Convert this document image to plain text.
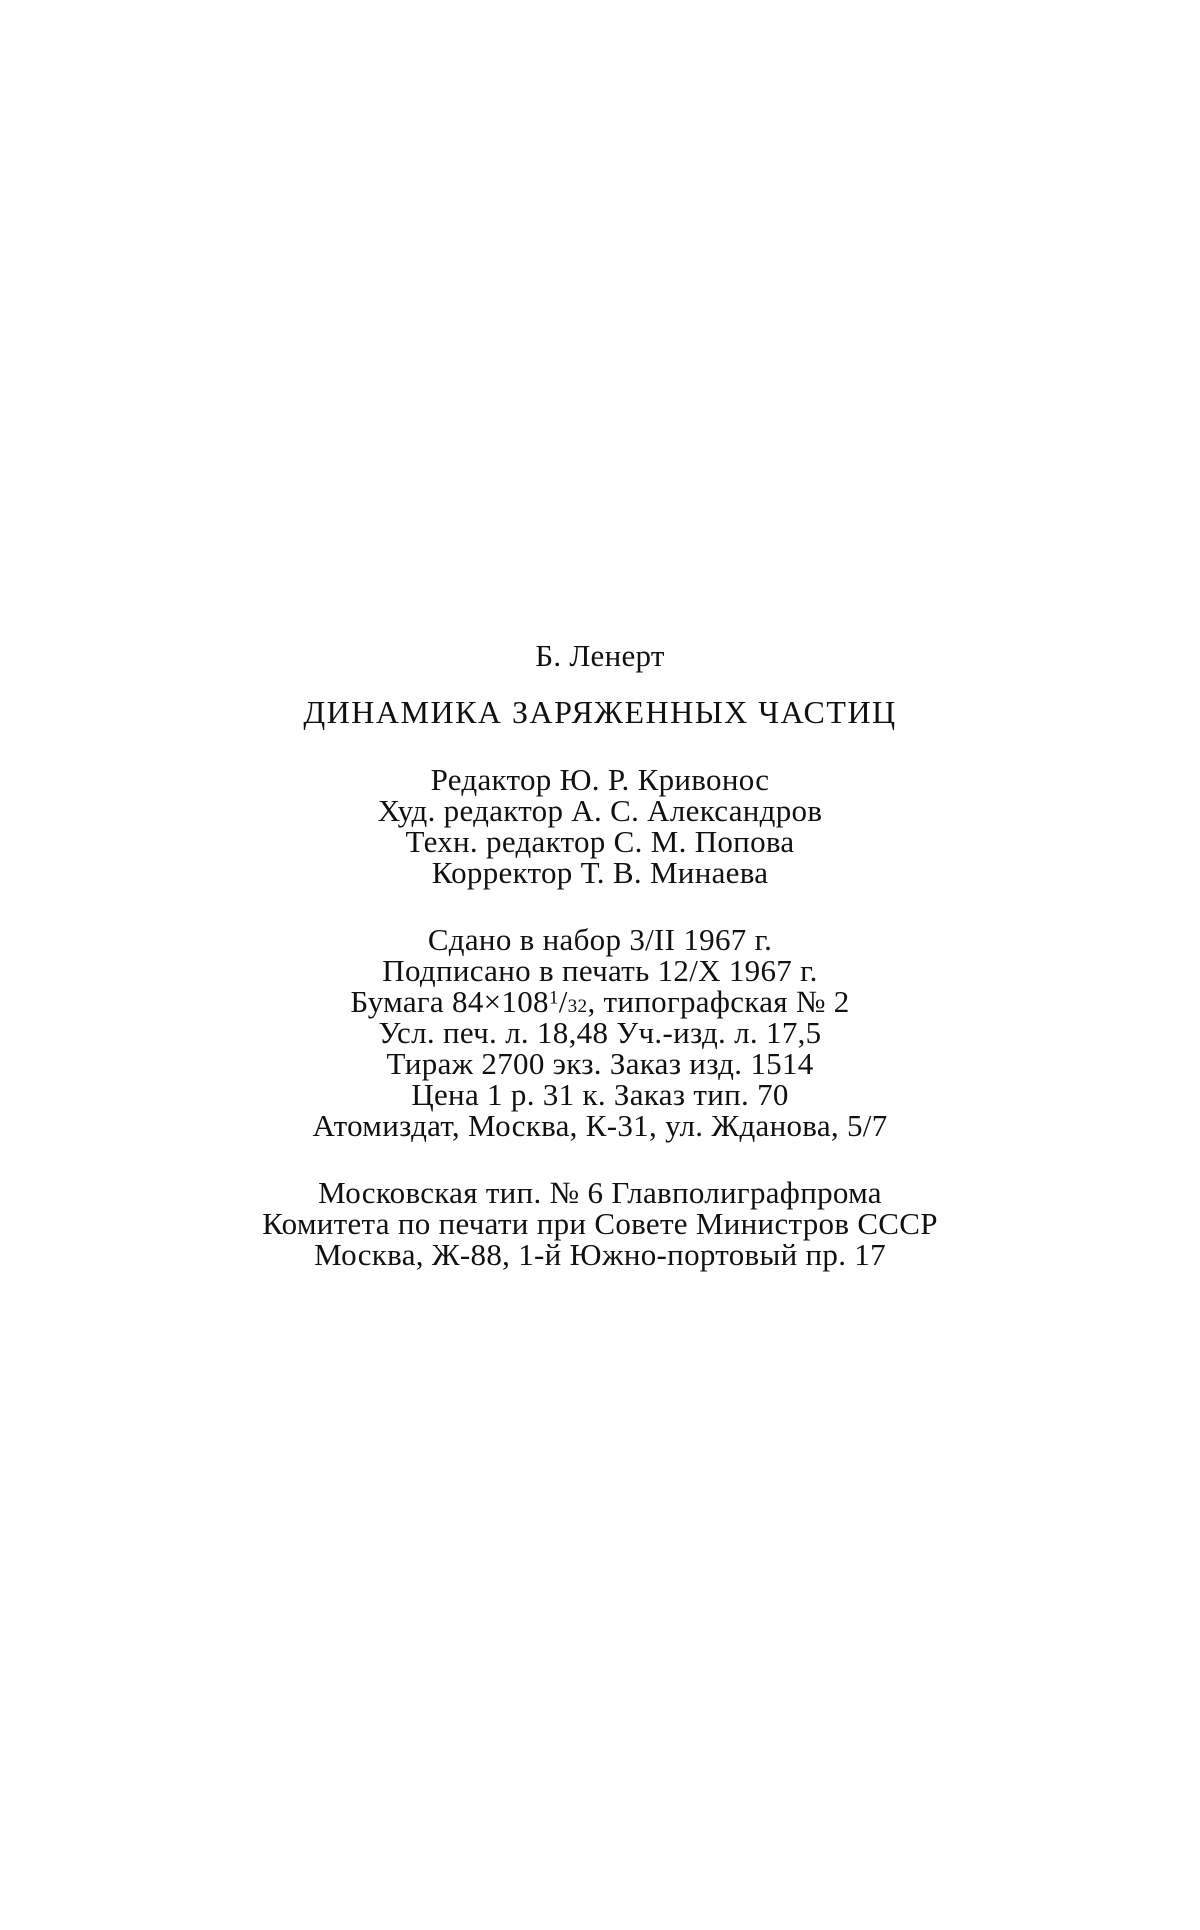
Б. Ленерт
ДИНАМИКА ЗАРЯЖЕННЫХ ЧАСТИЦ
Редактор Ю. Р. Кривонос
Худ. редактор А. С. Александров
Техн. редактор С. М. Попова
Корректор Т. В. Минаева
Сдано в набор 3/II 1967 г.
Подписано в печать 12/X 1967 г.
Бумага $84\times 108^1/32$, типографская № 2
Усл. печ. л. 18,48 Уч.-изд. л. 17,5
Тираж 2700 экз. Заказ изд. 1514
Цена 1 р. 31 к. Заказ тип. 70
Атомиздат, Москва, К-31, ул. Жданова, 5/7
Московская тип. № 6 Главполиграфпрома
Комитета по печати при Совете Министров СССР
Москва, Ж-88, 1-й Южно-портовый пр. 17
